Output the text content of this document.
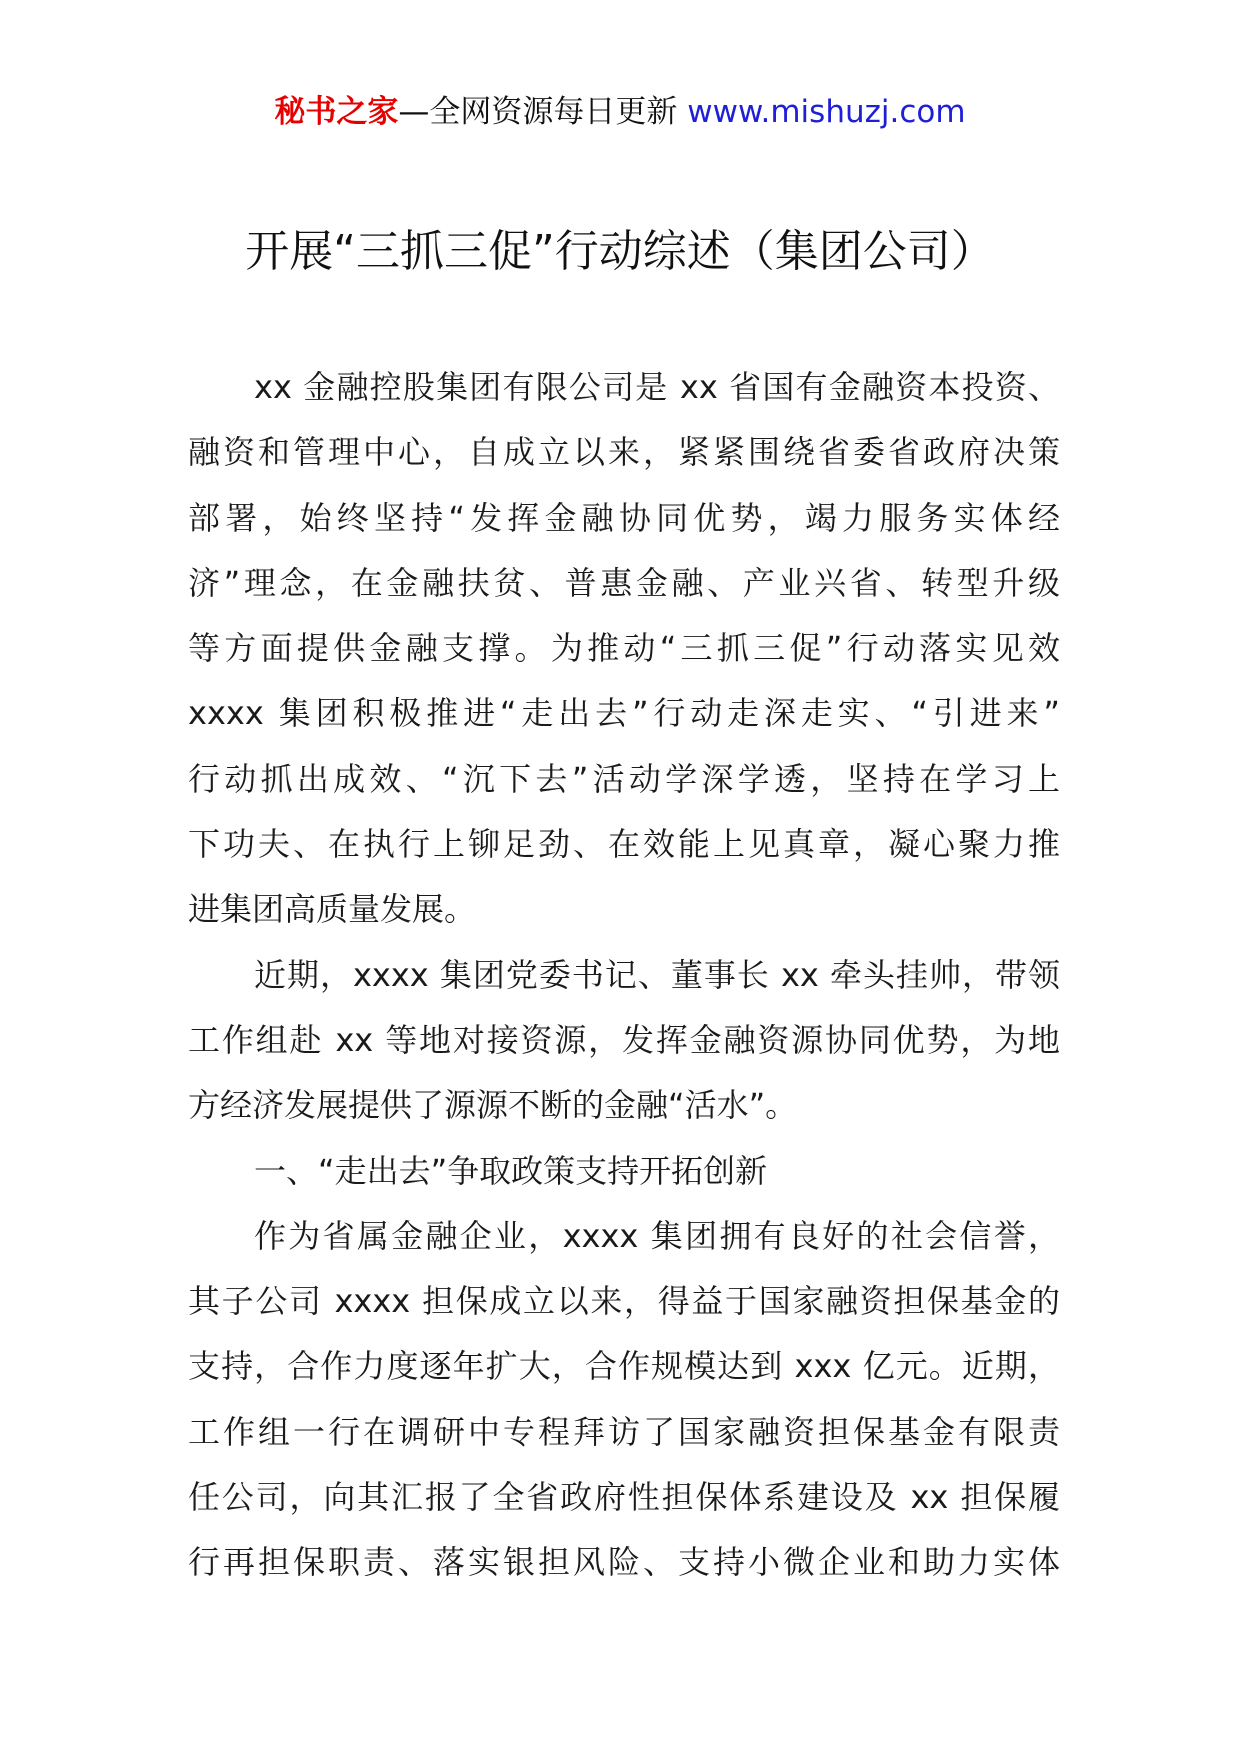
秘书之家—全网资源每日更新 www.mishuzj.com
开展“三抓三促”行动综述（集团公司）
xx 金融控股集团有限公司是 xx 省国有金融资本投资、
融资和管理中心，自成立以来，紧紧围绕省委省政府决策
部署，始终坚持“发挥金融协同优势，竭力服务实体经
济”理念，在金融扶贫、普惠金融、产业兴省、转型升级
等方面提供金融支撑。为推动“三抓三促”行动落实见效
xxxx 集团积极推进“走出去”行动走深走实、“引进来”
行动抓出成效、“沉下去”活动学深学透，坚持在学习上
下功夫、在执行上铆足劲、在效能上见真章，凝心聚力推
进集团高质量发展。
近期，xxxx 集团党委书记、董事长 xx 牵头挂帅，带领
工作组赴 xx 等地对接资源，发挥金融资源协同优势，为地
方经济发展提供了源源不断的金融“活水”。
一、“走出去”争取政策支持开拓创新
作为省属金融企业，xxxx 集团拥有良好的社会信誉，
其子公司 xxxx 担保成立以来，得益于国家融资担保基金的
支持，合作力度逐年扩大，合作规模达到 xxx 亿元。近期，
工作组一行在调研中专程拜访了国家融资担保基金有限责
任公司，向其汇报了全省政府性担保体系建设及 xx 担保履
行再担保职责、落实银担风险、支持小微企业和助力实体
